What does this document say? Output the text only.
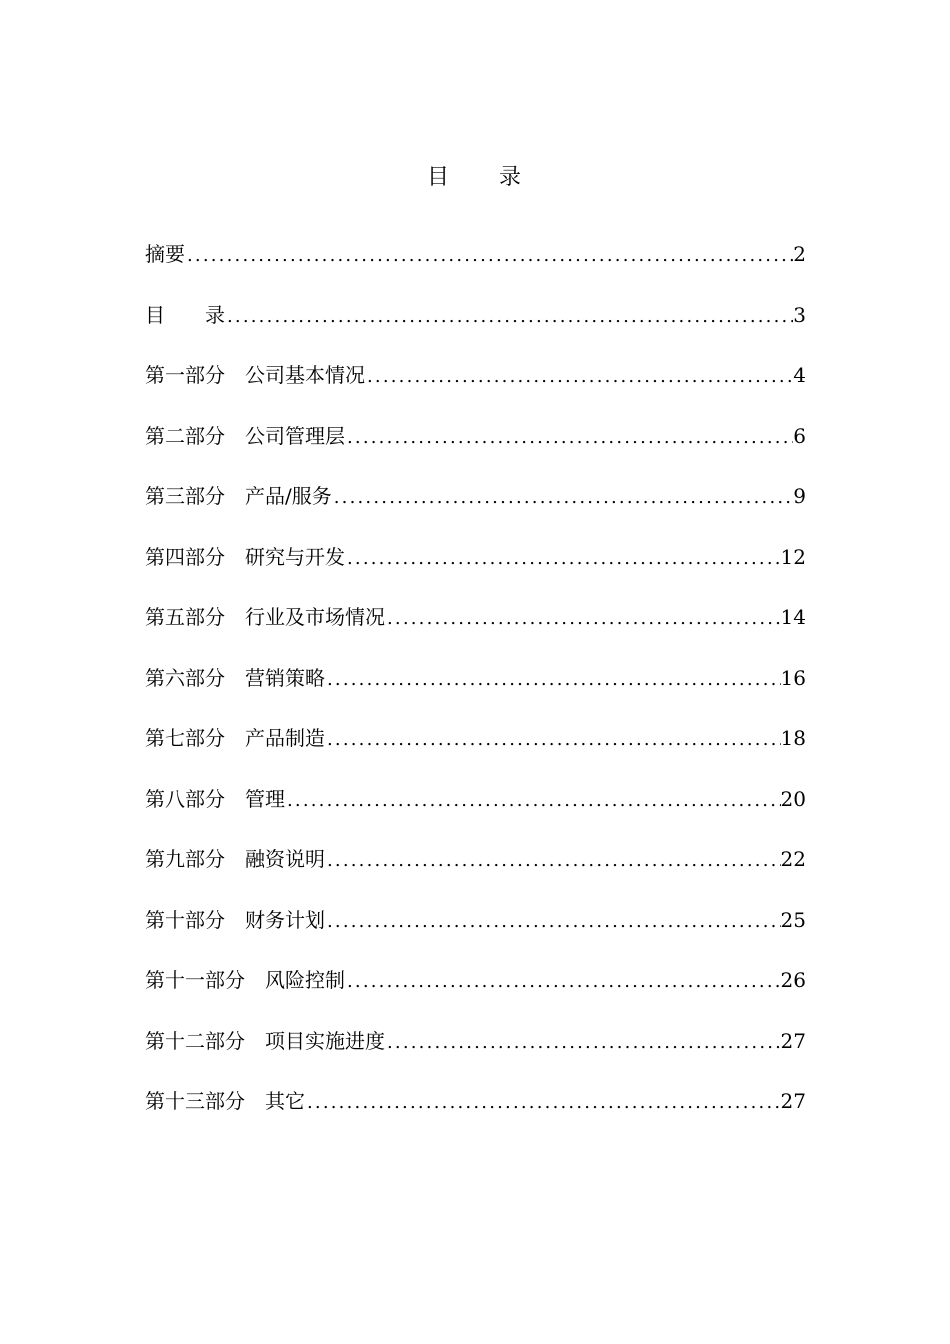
目　　录
摘要 .....	2
目　　录 .....	3
第一部分　公司基本情况 .....	4
第二部分　公司管理层 .....	6
第三部分　产品/服务 .....	9
第四部分　研究与开发 .....	12
第五部分　行业及市场情况 .....	14
第六部分　营销策略 .....	16
第七部分　产品制造 .....	18
第八部分　管理 .....	20
第九部分　融资说明 .....	22
第十部分　财务计划 .....	25
第十一部分　风险控制 .....	26
第十二部分　项目实施进度 .....	27
第十三部分　其它 .....	27
